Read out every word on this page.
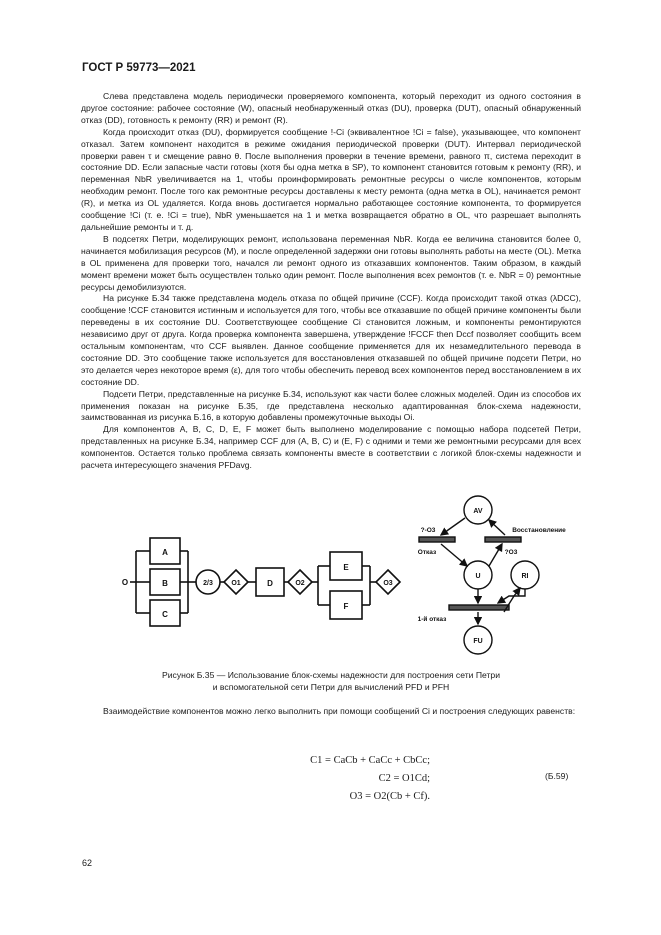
ГОСТ Р 59773—2021

Слева представлена модель периодически проверяемого компонента, который переходит из одного состояния в другое состояние: рабочее состояние (W), опасный необнаруженный отказ (DU), проверка (DUT), опасный обнаруженный отказ (DD), готовность к ремонту (RR) и ремонт (R).

Когда происходит отказ (DU), формируется сообщение !-Ci (эквивалентное !Ci = false), указывающее, что компонент отказал. Затем компонент находится в режиме ожидания периодической проверки (DUT). Интервал периодической проверки равен τ и смещение равно θ. После выполнения проверки в течение времени, равного π, система переходит в состояние DD. Если запасные части готовы (хотя бы одна метка в SP), то компонент становится готовым к ремонту (RR), и переменная NbR увеличивается на 1, чтобы проинформировать ремонтные ресурсы о числе компонентов, которым необходим ремонт. После того как ремонтные ресурсы доставлены к месту ремонта (одна метка в OL), начинается ремонт (R), и метка из OL удаляется. Когда вновь достигается нормально работающее состояние компонента, то формируется сообщение !Ci (т. е. !Ci = true), NbR уменьшается на 1 и метка возвращается обратно в OL, что разрешает выполнять дальнейшие ремонты и т. д.

В подсетях Петри, моделирующих ремонт, использована переменная NbR. Когда ее величина становится более 0, начинается мобилизация ресурсов (M), и после определенной задержки они готовы выполнять работы на месте (OL). Метка в OL применена для проверки того, начался ли ремонт одного из отказавших компонентов. Таким образом, в каждый момент времени может быть осуществлен только один ремонт. После выполнения всех ремонтов (т. е. NbR = 0) ремонтные ресурсы демобилизуются.

На рисунке Б.34 также представлена модель отказа по общей причине (CCF). Когда происходит такой отказ (λDCC), сообщение !CCF становится истинным и используется для того, чтобы все отказавшие по общей причине компоненты были переведены в их состояние DU. Соответствующее сообщение Ci становится ложным, и компоненты ремонтируются независимо друг от друга. Когда проверка компонента завершена, утверждение !FCCF then Dccf позволяет сообщить всем остальным компонентам, что CCF выявлен. Данное сообщение применяется для их незамедлительного перевода в состояние DD. Это сообщение также используется для восстановления отказавшей по общей причине подсети Петри, но это делается через некоторое время (ε), для того чтобы обеспечить перевод всех компонентов перед восстановлением в их состояние DD.

Подсети Петри, представленные на рисунке Б.34, используют как части более сложных моделей. Один из способов их применения показан на рисунке Б.35, где представлена несколько адаптированная блок-схема надежности, заимствованная из рисунка Б.16, в которую добавлены промежуточные выходы Oi.

Для компонентов A, B, C, D, E, F может быть выполнено моделирование с помощью набора подсетей Петри, представленных на рисунке Б.34, например CCF для (A, B, C) и (E, F) с одними и теми же ремонтными ресурсами для всех компонентов. Остается только проблема связать компоненты вместе в соответствии с логикой блок-схемы надежности и расчета интересующего значения PFDavg.

O
A
B
C
2/3	O1	D	O2
E
F
O3
AV
U	RI
FU
?-O3	Восстановление
Отказ	?O3
1-й отказ
Рисунок Б.35 — Использование блок-схемы надежности для построения сети Петри
и вспомогательной сети Петри для вычислений PFD и PFH

Взаимодействие компонентов можно легко выполнить при помощи сообщений Ci и построения следующих равенств:

C1 = CaCb + CaCc + CbCc;
C2 = O1Cd;
O3 = O2(Cb + Cf).
(Б.59)
62
